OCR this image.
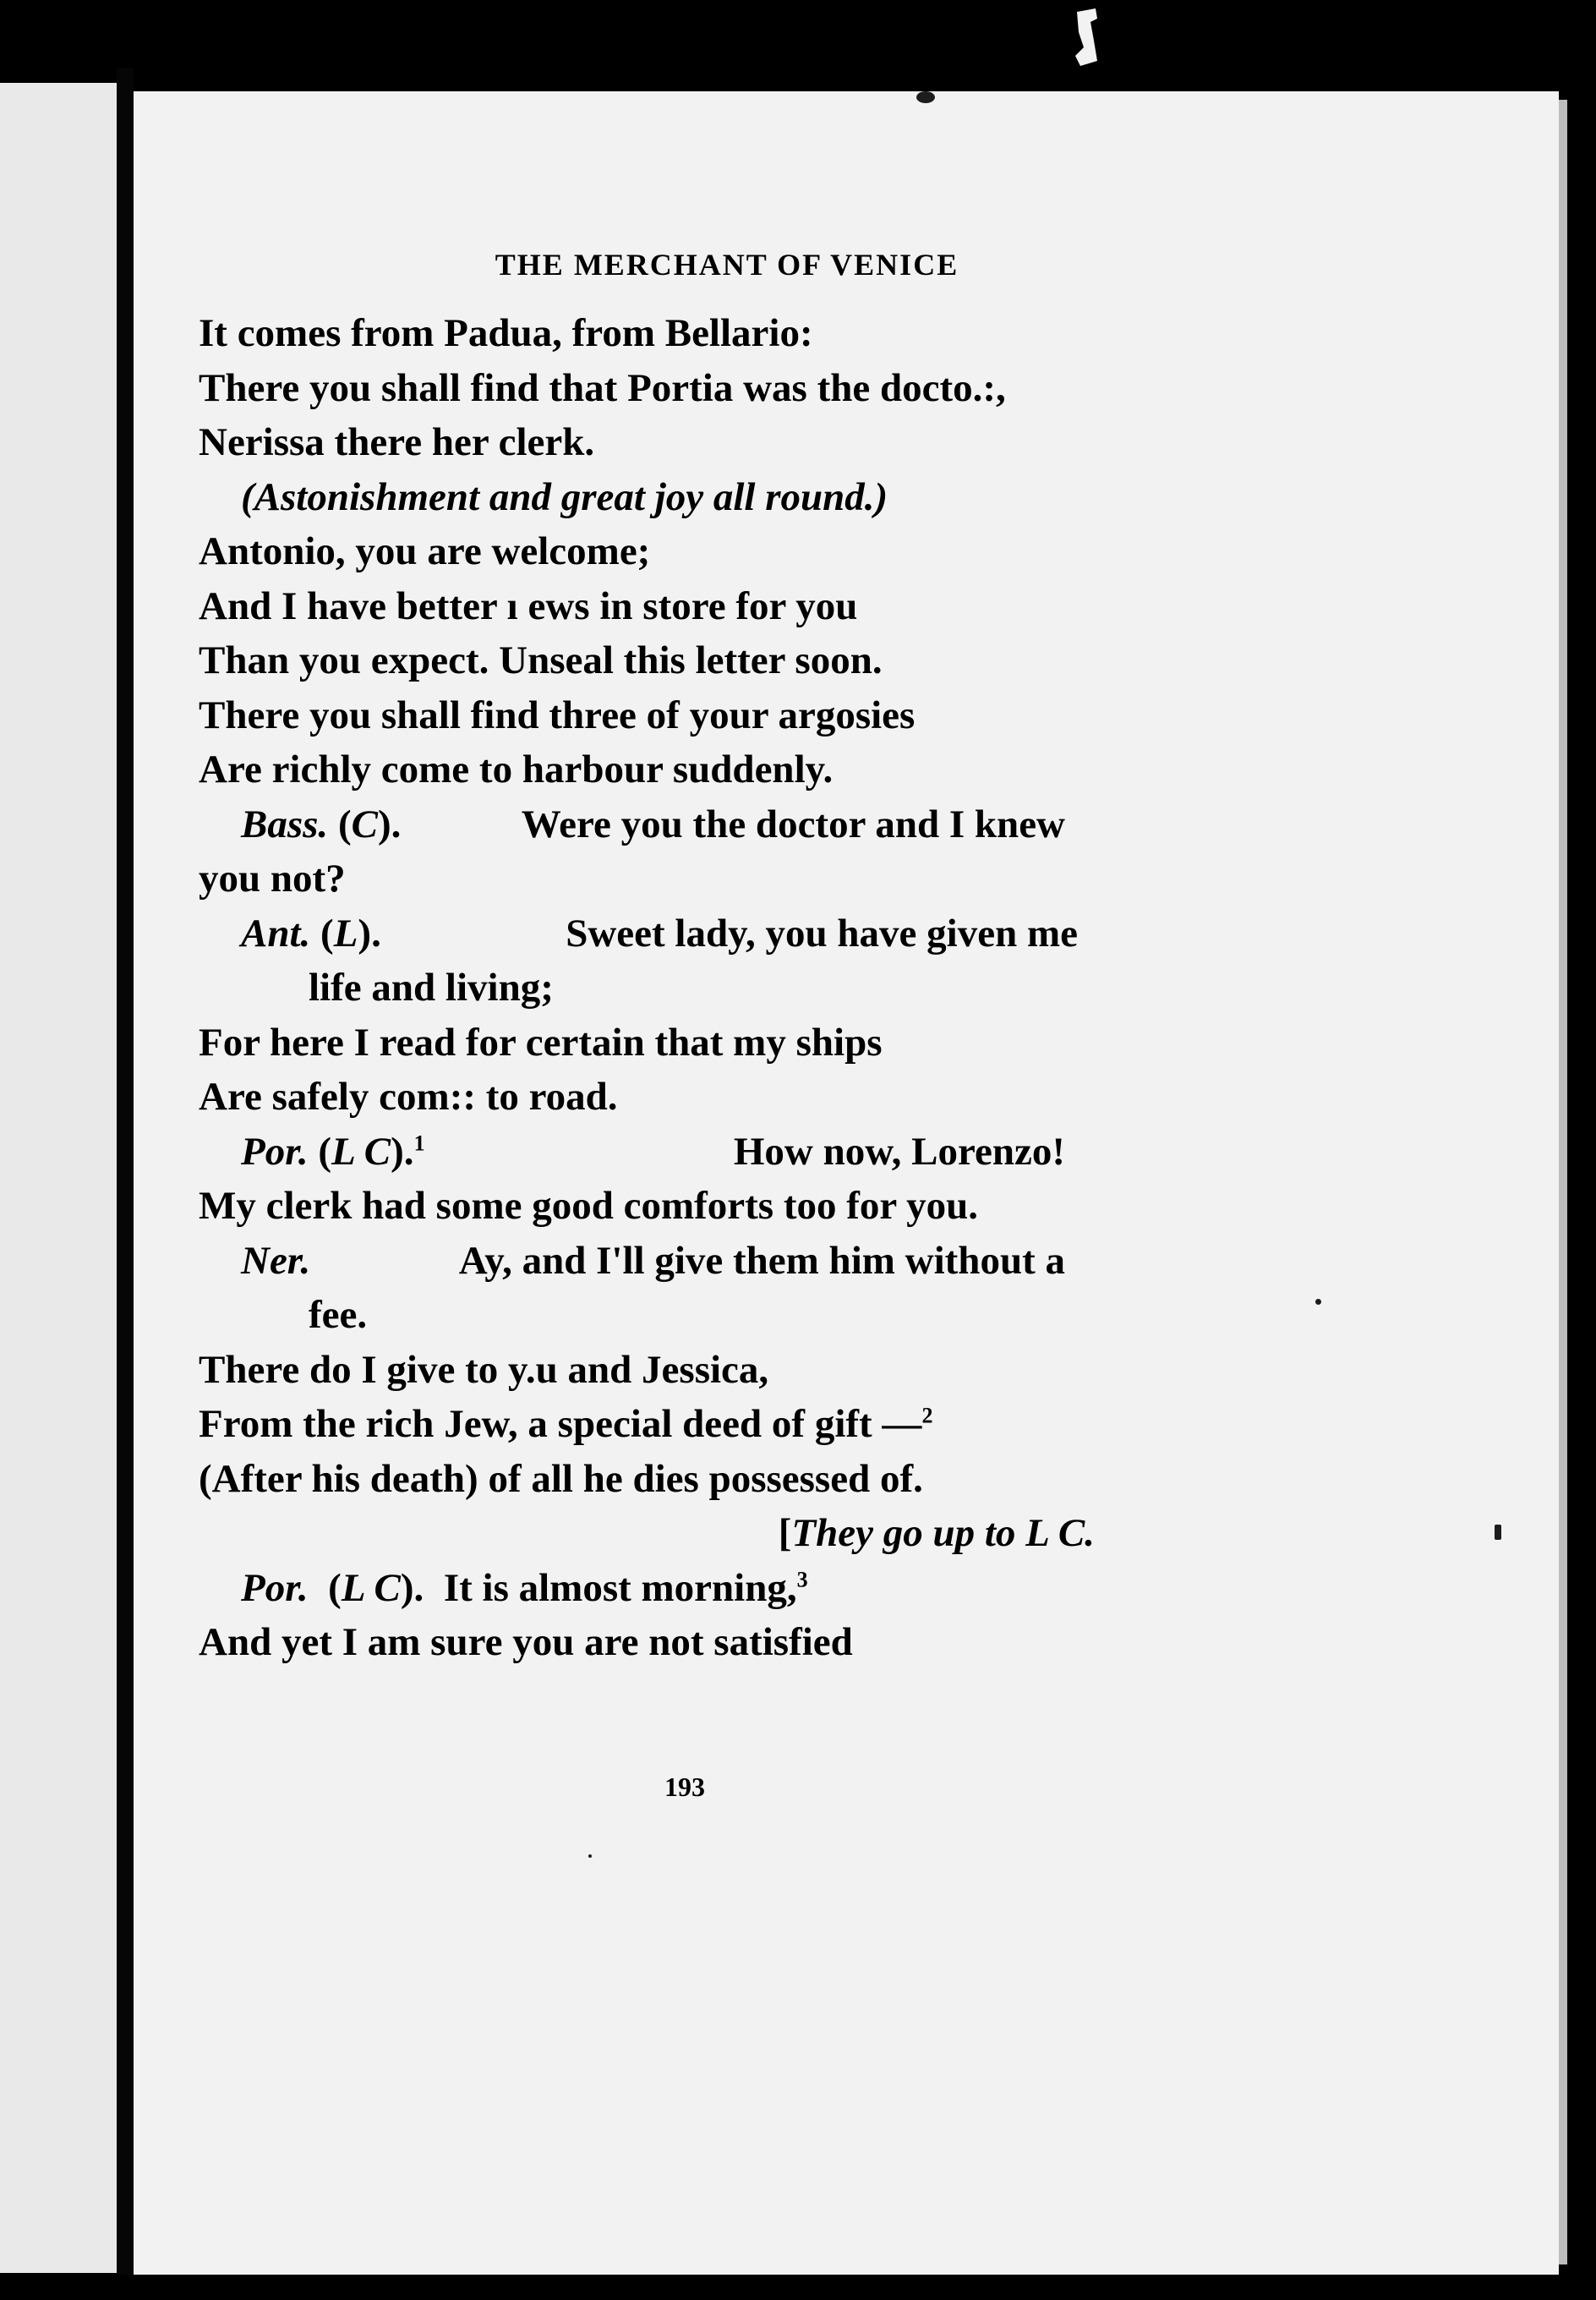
THE MERCHANT OF VENICE
It comes from Padua, from Bellario:
There you shall find that Portia was the docto.:,
Nerissa there her clerk.
(Astonishment and great joy all round.)
Antonio, you are welcome;
And I have better ı ews in store for you
Than you expect. Unseal this letter soon.
There you shall find three of your argosies
Are richly come to harbour suddenly.
Bass. (C).	Were you the doctor and I knew
you not?
Ant. (L).	Sweet lady, you have given me
life and living;
For here I read for certain that my ships
Are safely com:: to road.
Por. (L C).$^1$	How now, Lorenzo!
My clerk had some good comforts too for you.
Ner.	Ay, and I'll give them him without a
fee.
There do I give to y.u and Jessica,
From the rich Jew, a special deed of gift —$^2$
(After his death) of all he dies possessed of.
[They go up to L C.
Por. (L C). It is almost morning,$^3$
And yet I am sure you are not satisfied
193
